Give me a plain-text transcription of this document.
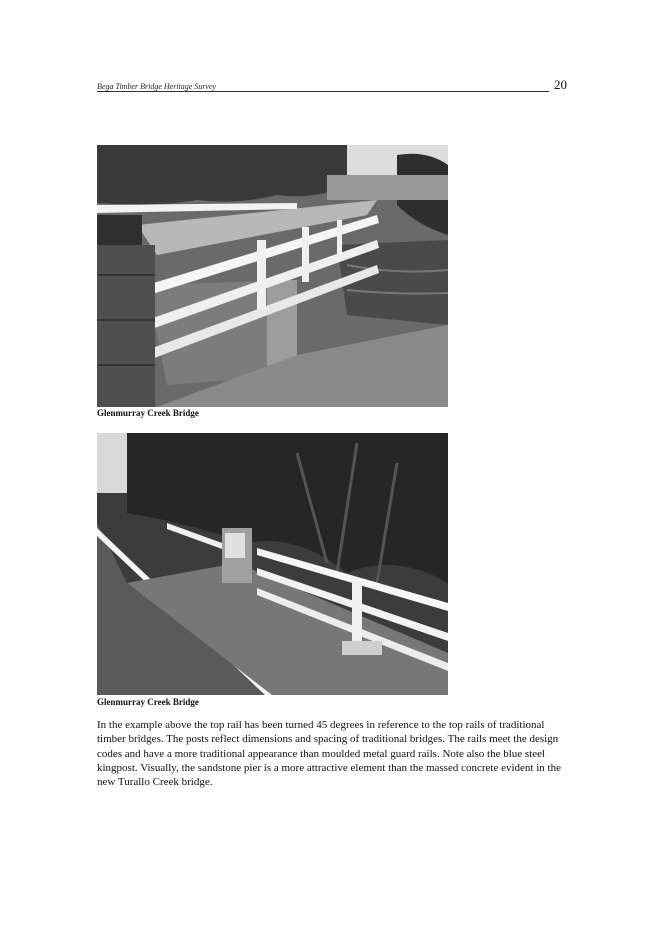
Bega Timber Bridge Heritage Survey	20
Glenmurray Creek Bridge
Glenmurray Creek Bridge

In the example above the top rail has been turned 45 degrees in reference to the top rails of traditional timber bridges. The posts reflect dimensions and spacing of traditional bridges. The rails meet the design codes and have a more traditional appearance than moulded metal guard rails. Note also the blue steel kingpost. Visually, the sandstone pier is a more attractive element than the massed concrete evident in the new Turallo Creek bridge.
